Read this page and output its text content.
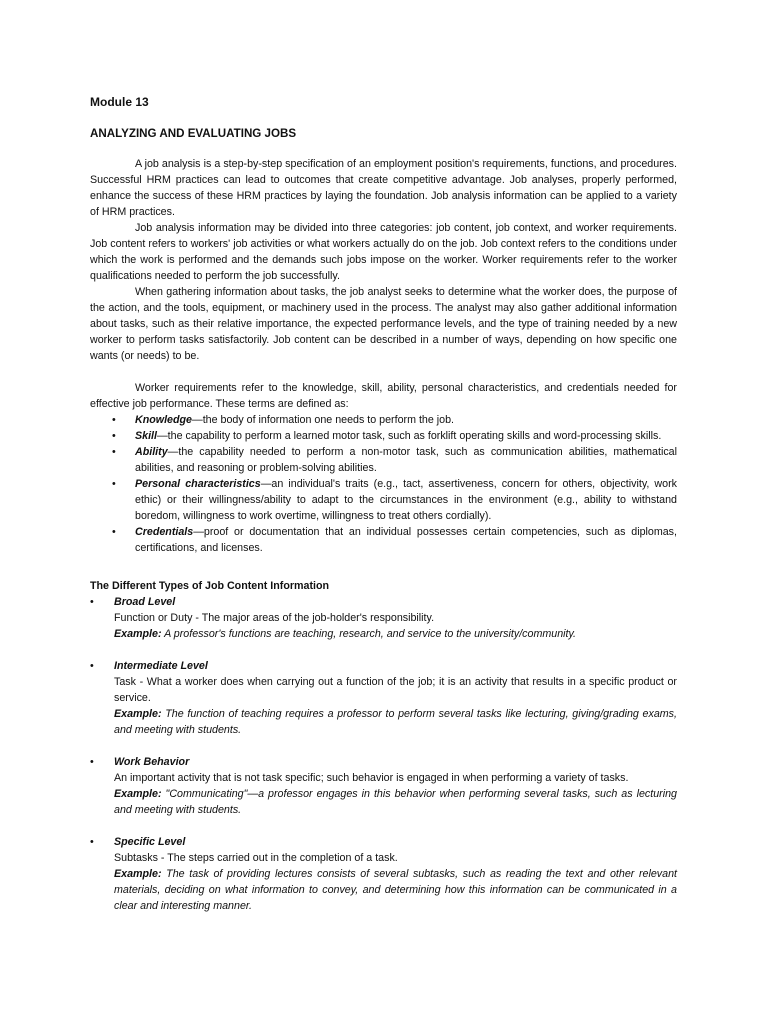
Module 13
ANALYZING AND EVALUATING JOBS

A job analysis is a step-by-step specification of an employment position's requirements, functions, and procedures. Successful HRM practices can lead to outcomes that create competitive advantage. Job analyses, properly performed, enhance the success of these HRM practices by laying the foundation. Job analysis information can be applied to a variety of HRM practices.

Job analysis information may be divided into three categories: job content, job context, and worker requirements. Job content refers to workers' job activities or what workers actually do on the job. Job context refers to the conditions under which the work is performed and the demands such jobs impose on the worker. Worker requirements refer to the worker qualifications needed to perform the job successfully.

When gathering information about tasks, the job analyst seeks to determine what the worker does, the purpose of the action, and the tools, equipment, or machinery used in the process. The analyst may also gather additional information about tasks, such as their relative importance, the expected performance levels, and the type of training needed by a new worker to perform tasks satisfactorily. Job content can be described in a number of ways, depending on how specific one wants (or needs) to be.

Worker requirements refer to the knowledge, skill, ability, personal characteristics, and credentials needed for effective job performance. These terms are defined as:

• Knowledge—the body of information one needs to perform the job.
• Skill—the capability to perform a learned motor task, such as forklift operating skills and word-processing skills.
• Ability—the capability needed to perform a non-motor task, such as communication abilities, mathematical abilities, and reasoning or problem-solving abilities.
• Personal characteristics—an individual's traits (e.g., tact, assertiveness, concern for others, objectivity, work ethic) or their willingness/ability to adapt to the circumstances in the environment (e.g., ability to withstand boredom, willingness to work overtime, willingness to treat others cordially).
• Credentials—proof or documentation that an individual possesses certain competencies, such as diplomas, certifications, and licenses.
The Different Types of Job Content Information
• Broad Level
Function or Duty - The major areas of the job-holder's responsibility.
Example: A professor's functions are teaching, research, and service to the university/community.
• Intermediate Level
Task - What a worker does when carrying out a function of the job; it is an activity that results in a specific product or service.
Example: The function of teaching requires a professor to perform several tasks like lecturing, giving/grading exams, and meeting with students.
• Work Behavior
An important activity that is not task specific; such behavior is engaged in when performing a variety of tasks.
Example: "Communicating"—a professor engages in this behavior when performing several tasks, such as lecturing and meeting with students.
• Specific Level
Subtasks - The steps carried out in the completion of a task.
Example: The task of providing lectures consists of several subtasks, such as reading the text and other relevant materials, deciding on what information to convey, and determining how this information can be communicated in a clear and interesting manner.
